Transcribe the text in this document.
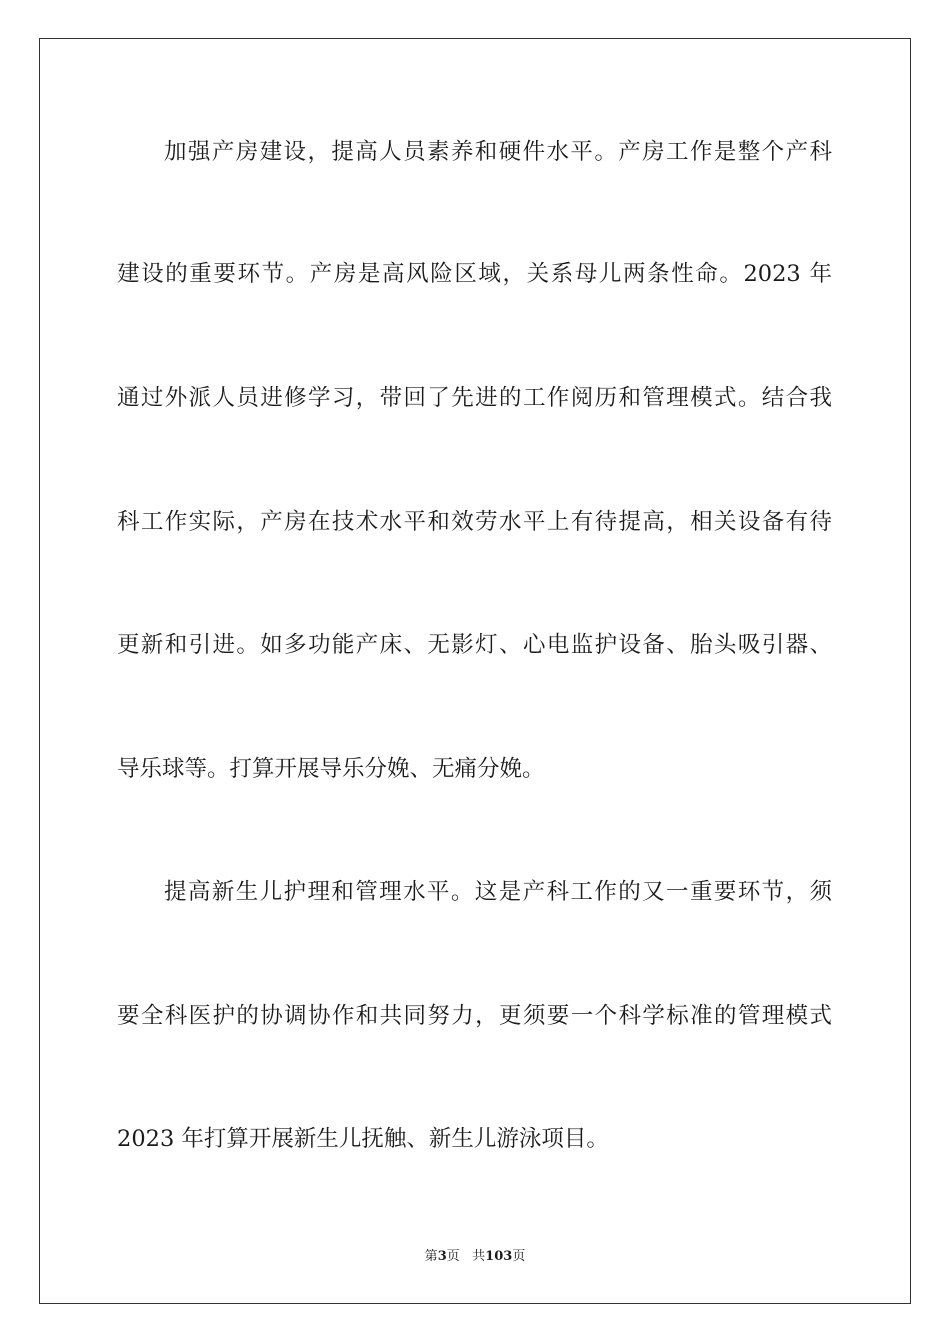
加强产房建设，提高人员素养和硬件水平。产房工作是整个产科
建设的重要环节。产房是高风险区域，关系母儿两条性命。2023 年
通过外派人员进修学习，带回了先进的工作阅历和管理模式。结合我
科工作实际，产房在技术水平和效劳水平上有待提高，相关设备有待
更新和引进。如多功能产床、无影灯、心电监护设备、胎头吸引器、
导乐球等。打算开展导乐分娩、无痛分娩。
提高新生儿护理和管理水平。这是产科工作的又一重要环节，须
要全科医护的协调协作和共同努力，更须要一个科学标准的管理模式
2023 年打算开展新生儿抚触、新生儿游泳项目。
第3页 共103页
